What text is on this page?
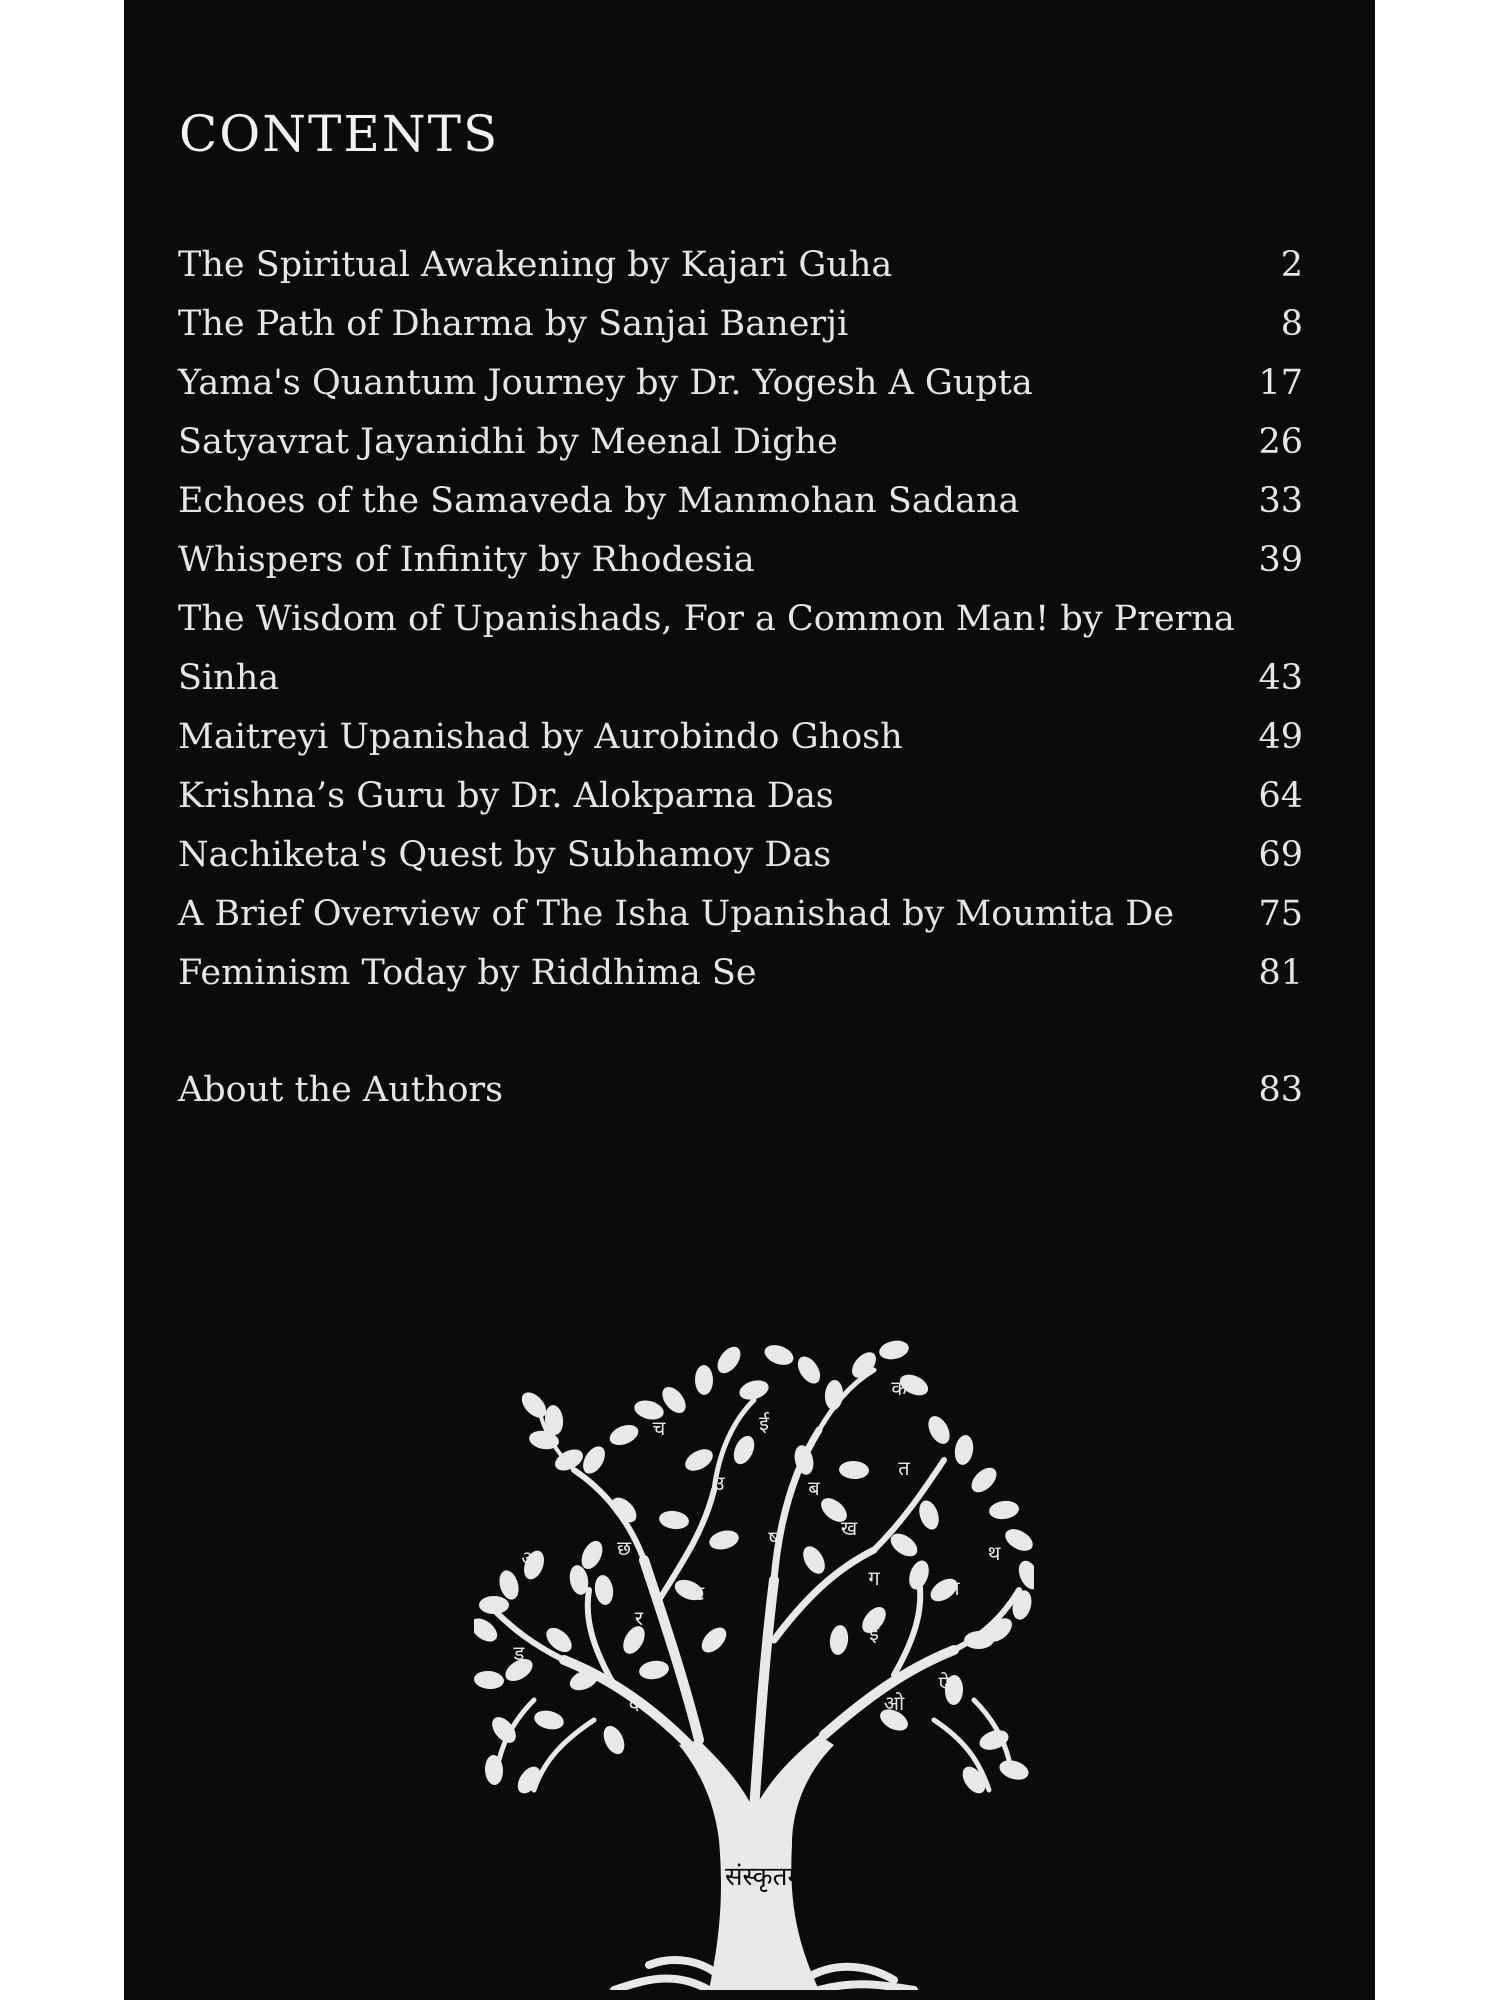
CONTENTS
The Spiritual Awakening by Kajari Guha	2
The Path of Dharma by Sanjai Banerji	8
Yama's Quantum Journey by Dr. Yogesh A Gupta	17
Satyavrat Jayanidhi by Meenal Dighe	26
Echoes of the Samaveda by Manmohan Sadana	33
Whispers of Infinity by Rhodesia	39
The Wisdom of Upanishads, For a Common Man! by Prerna
Sinha	43
Maitreyi Upanishad by Aurobindo Ghosh	49
Krishna’s Guru by Dr. Alokparna Das	64
Nachiketa's Quest by Subhamoy Das	69
A Brief Overview of The Isha Upanishad by Moumita De 75
Feminism Today by Riddhima Se	81
About the Authors	83
क
च	ई
उ	ब
त
ख
थ
अ	छ	ष
ग	न
ट
र
इ
ड
द
ऐ
ओ
संस्कृतम्
